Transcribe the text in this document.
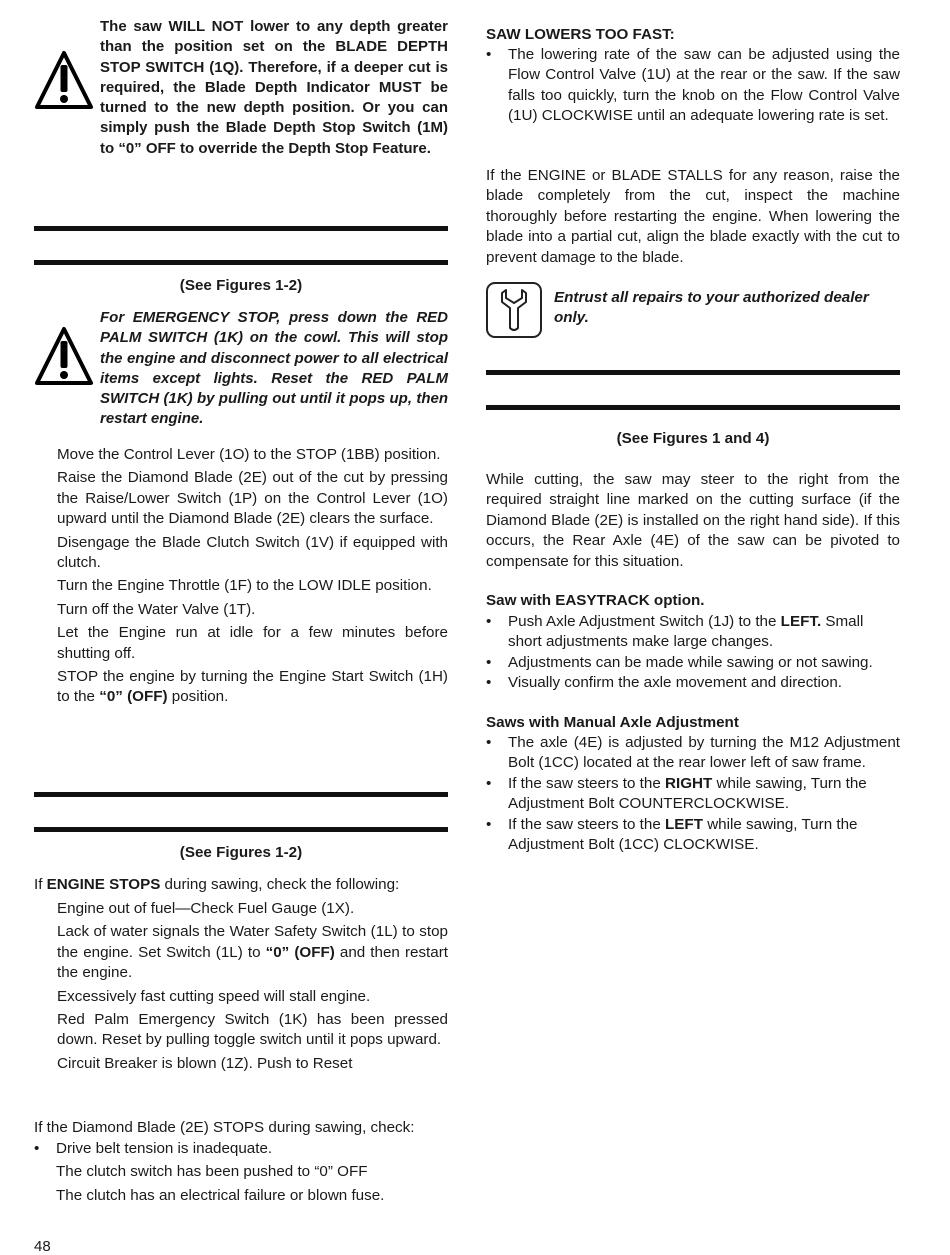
The saw WILL NOT lower to any depth greater than the position set on the BLADE DEPTH STOP SWITCH (1Q). Therefore, if a deeper cut is required, the Blade Depth Indicator MUST be turned to the new depth position. Or you can simply push the Blade Depth Stop Switch (1M) to “0” OFF to override the Depth Stop Feature.
(See Figures 1-2)
For EMERGENCY STOP, press down the RED PALM SWITCH (1K) on the cowl. This will stop the engine and disconnect power to all electrical items except lights. Reset the RED PALM SWITCH (1K) by pulling out until it pops up, then restart engine.
Move the Control Lever (1O) to the STOP (1BB) position.
Raise the Diamond Blade (2E) out of the cut by pressing the Raise/Lower Switch (1P) on the Control Lever (1O) upward until the Diamond Blade (2E) clears the surface.
Disengage the Blade Clutch Switch (1V) if equipped with clutch.
Turn the Engine Throttle (1F) to the LOW IDLE position.
Turn off the Water Valve (1T).
Let the Engine run at idle for a few minutes before shutting off.
STOP the engine by turning the Engine Start Switch (1H) to the “0” (OFF) position.
(See Figures 1-2)
If ENGINE STOPS during sawing, check the following:
Engine out of fuel—Check Fuel Gauge (1X).
Lack of water signals the Water Safety Switch (1L) to stop the engine. Set Switch (1L) to “0” (OFF) and then restart the engine.
Excessively fast cutting speed will stall engine.
Red Palm Emergency Switch (1K) has been pressed down. Reset by pulling toggle switch until it pops upward.
Circuit Breaker is blown (1Z). Push to Reset
If the Diamond Blade (2E) STOPS during sawing, check:
•	Drive belt tension is inadequate.
The clutch switch has been pushed to “0” OFF
The clutch has an electrical failure or blown fuse.
SAW LOWERS TOO FAST:
•	The lowering rate of the saw can be adjusted using the Flow Control Valve (1U) at the rear or the saw. If the saw falls too quickly, turn the knob on the Flow Control Valve (1U) CLOCKWISE until an adequate lowering rate is set.
If the ENGINE or BLADE STALLS for any reason, raise the blade completely from the cut, inspect the machine thoroughly before restarting the engine. When lowering the blade into a partial cut, align the blade exactly with the cut to prevent damage to the blade.
Entrust all repairs to your authorized dealer only.
(See Figures 1 and 4)
While cutting, the saw may steer to the right from the required straight line marked on the cutting surface (if the Diamond Blade (2E) is installed on the right hand side). If this occurs, the Rear Axle (4E) of the saw can be pivoted to compensate for this situation.
Saw with EASYTRACK option.
•	Push Axle Adjustment Switch (1J) to the LEFT. Small short adjustments make large changes.
•	Adjustments can be made while sawing or not sawing.
•	Visually confirm the axle movement and direction.
Saws with Manual Axle Adjustment
•	The axle (4E) is adjusted by turning the M12 Adjustment Bolt (1CC) located at the rear lower left of saw frame.
•	If the saw steers to the RIGHT while sawing, Turn the Adjustment Bolt COUNTERCLOCKWISE.
•	If the saw steers to the LEFT while sawing, Turn the Adjustment Bolt (1CC) CLOCKWISE.
48
